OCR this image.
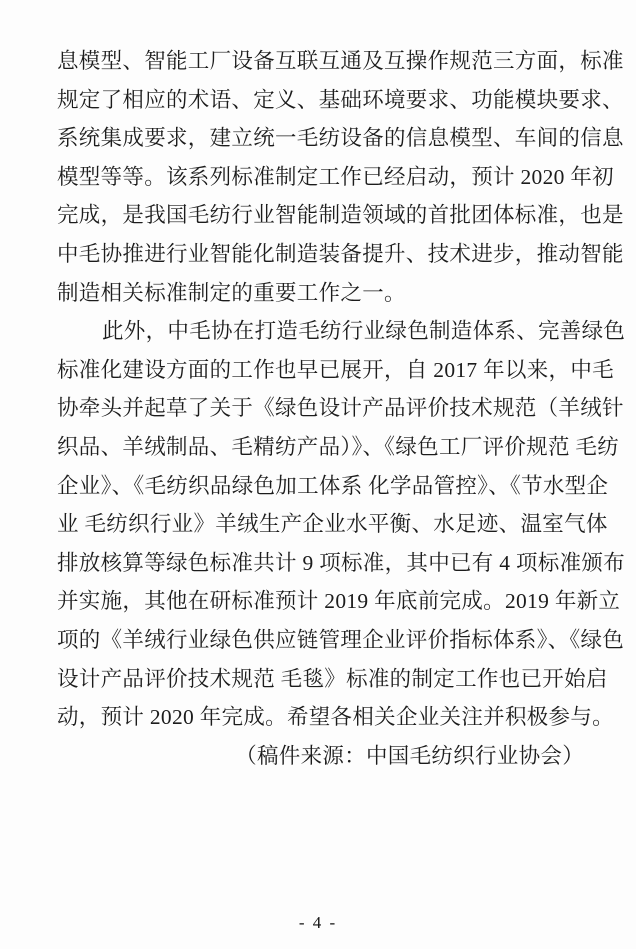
息模型、智能工厂设备互联互通及互操作规范三方面，标准
规定了相应的术语、定义、基础环境要求、功能模块要求、
系统集成要求，建立统一毛纺设备的信息模型、车间的信息
模型等等。该系列标准制定工作已经启动，预计 2020 年初
完成，是我国毛纺行业智能制造领域的首批团体标准，也是
中毛协推进行业智能化制造装备提升、技术进步，推动智能
制造相关标准制定的重要工作之一。
此外，中毛协在打造毛纺行业绿色制造体系、完善绿色
标准化建设方面的工作也早已展开，自 2017 年以来，中毛
协牵头并起草了关于《绿色设计产品评价技术规范（羊绒针
织品、羊绒制品、毛精纺产品）》、《绿色工厂评价规范 毛纺
企业》、《毛纺织品绿色加工体系 化学品管控》、《节水型企
业 毛纺织行业》羊绒生产企业水平衡、水足迹、温室气体
排放核算等绿色标准共计 9 项标准，其中已有 4 项标准颁布
并实施，其他在研标准预计 2019 年底前完成。2019 年新立
项的《羊绒行业绿色供应链管理企业评价指标体系》、《绿色
设计产品评价技术规范 毛毯》标准的制定工作也已开始启
动，预计 2020 年完成。希望各相关企业关注并积极参与。
（稿件来源：中国毛纺织行业协会）
- 4 -
